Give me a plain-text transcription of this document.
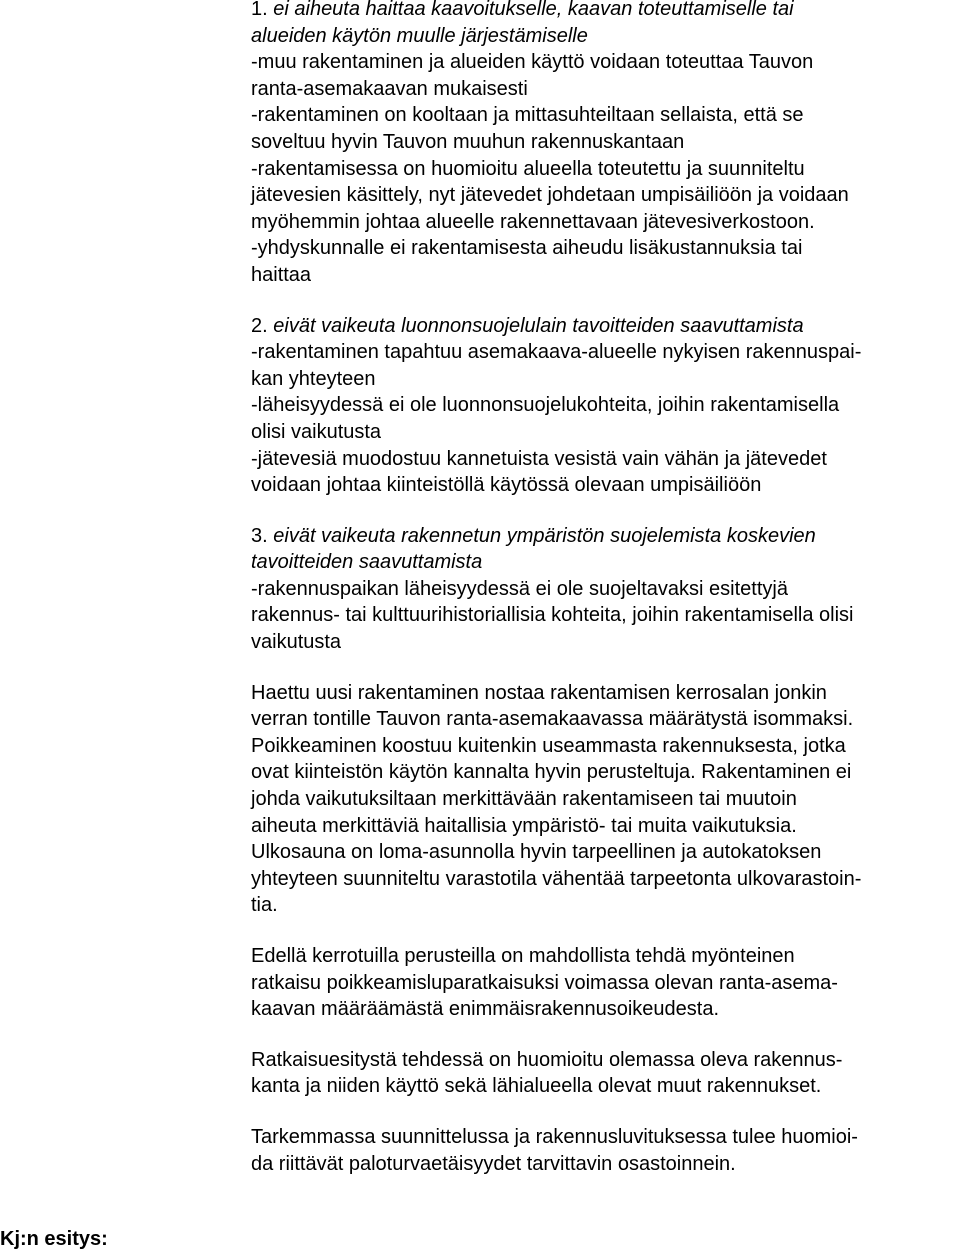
1. ei aiheuta haittaa kaavoitukselle, kaavan toteuttamiselle tai
alueiden käytön muulle järjestämiselle
-muu rakentaminen ja alueiden käyttö voidaan toteuttaa Tauvon
ranta-asemakaavan mukaisesti
-rakentaminen on kooltaan ja mittasuhteiltaan sellaista, että se
soveltuu hyvin Tauvon muuhun rakennuskantaan
-rakentamisessa on huomioitu alueella toteutettu ja suunniteltu
jätevesien käsittely, nyt jätevedet johdetaan umpisäiliöön ja voidaan
myöhemmin johtaa alueelle rakennettavaan jätevesiverkostoon.
-yhdyskunnalle ei rakentamisesta aiheudu lisäkustannuksia tai
haittaa
2. eivät vaikeuta luonnonsuojelulain tavoitteiden saavuttamista
-rakentaminen tapahtuu asemakaava-alueelle nykyisen rakennuspai-
kan yhteyteen
-läheisyydessä ei ole luonnonsuojelukohteita, joihin rakentamisella
olisi vaikutusta
-jätevesiä muodostuu kannetuista vesistä vain vähän ja jätevedet
voidaan johtaa kiinteistöllä käytössä olevaan umpisäiliöön
3. eivät vaikeuta rakennetun ympäristön suojelemista koskevien
tavoitteiden saavuttamista
-rakennuspaikan läheisyydessä ei ole suojeltavaksi esitettyjä
rakennus- tai kulttuurihistoriallisia kohteita, joihin rakentamisella olisi
vaikutusta
Haettu uusi rakentaminen nostaa rakentamisen kerrosalan jonkin
verran tontille Tauvon ranta-asemakaavassa määrätystä isommaksi.
Poikkeaminen koostuu kuitenkin useammasta rakennuksesta, jotka
ovat kiinteistön käytön kannalta hyvin perusteltuja. Rakentaminen ei
johda vaikutuksiltaan merkittävään rakentamiseen tai muutoin
aiheuta merkittäviä haitallisia ympäristö- tai muita vaikutuksia.
Ulkosauna on loma-asunnolla hyvin tarpeellinen ja autokatoksen
yhteyteen suunniteltu varastotila vähentää tarpeetonta ulkovarastoin-
tia.
Edellä kerrotuilla perusteilla on mahdollista tehdä myönteinen
ratkaisu poikkeamisluparatkaisuksi voimassa olevan ranta-asema-
kaavan määräämästä enimmäisrakennusoikeudesta.
Ratkaisuesitystä tehdessä on huomioitu olemassa oleva rakennus-
kanta ja niiden käyttö sekä lähialueella olevat muut rakennukset.
Tarkemmassa suunnittelussa ja rakennusluvituksessa tulee huomioi-
da riittävät paloturvaetäisyydet tarvittavin osastoinnein.
Kj:n esitys:
